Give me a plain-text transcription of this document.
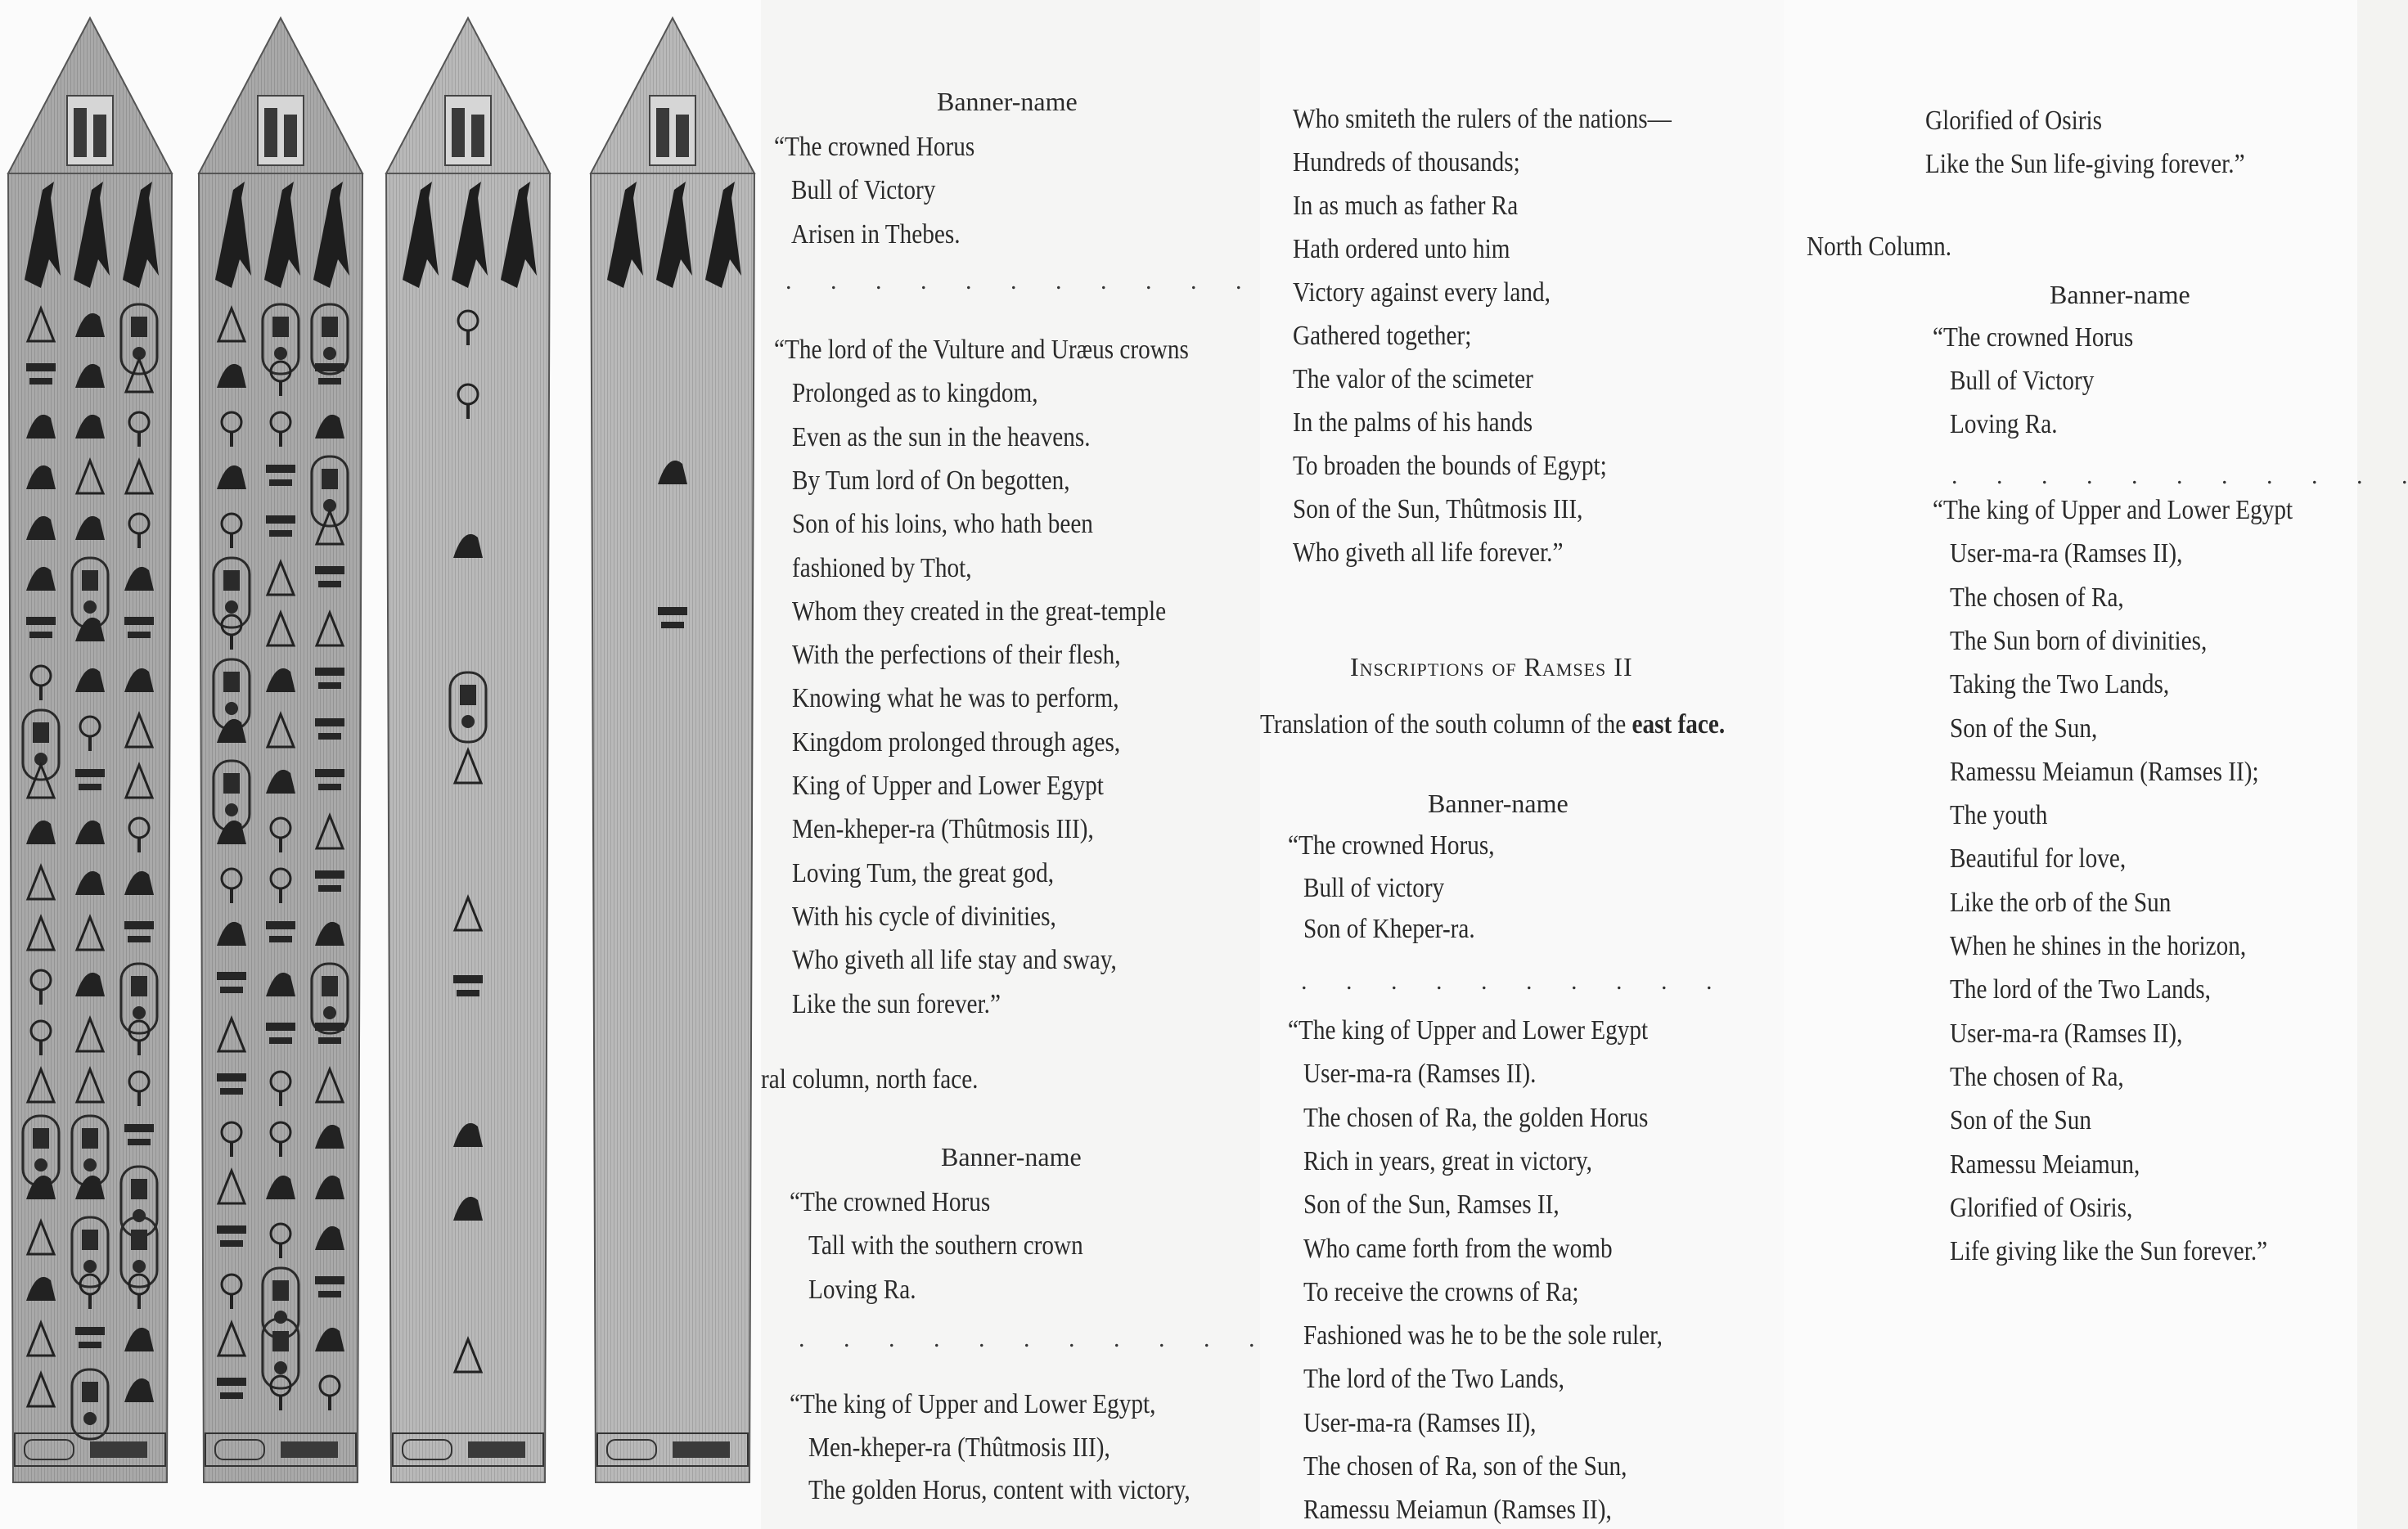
Banner-name
“The crowned Horus
Bull of Victory
Arisen in Thebes.
. . . . . . . . . . .
“The lord of the Vulture and Uræus crowns
Prolonged as to kingdom,
Even as the sun in the heavens.
By Tum lord of On begotten,
Son of his loins, who hath been
fashioned by Thot,
Whom they created in the great-temple
With the perfections of their flesh,
Knowing what he was to perform,
Kingdom prolonged through ages,
King of Upper and Lower Egypt
Men-kheper-ra (Thûtmosis III),
Loving Tum, the great god,
With his cycle of divinities,
Who giveth all life stay and sway,
Like the sun forever.”
ral column, north face.
Banner-name
“The crowned Horus
Tall with the southern crown
Loving Ra.
. . . . . . . . . . .
“The king of Upper and Lower Egypt,
Men-kheper-ra (Thûtmosis III),
The golden Horus, content with victory,
Who smiteth the rulers of the nations—
Hundreds of thousands;
In as much as father Ra
Hath ordered unto him
Victory against every land,
Gathered together;
The valor of the scimeter
In the palms of his hands
To broaden the bounds of Egypt;
Son of the Sun, Thûtmosis III,
Who giveth all life forever.”
Inscriptions of Ramses II
Translation of the south column of the east face.
Banner-name
“The crowned Horus,
Bull of victory
Son of Kheper-ra.
. . . . . . . . . .
“The king of Upper and Lower Egypt
User-ma-ra (Ramses II).
The chosen of Ra, the golden Horus
Rich in years, great in victory,
Son of the Sun, Ramses II,
Who came forth from the womb
To receive the crowns of Ra;
Fashioned was he to be the sole ruler,
The lord of the Two Lands,
User-ma-ra (Ramses II),
The chosen of Ra, son of the Sun,
Ramessu Meiamun (Ramses II),
Glorified of Osiris
Like the Sun life-giving forever.”
North Column.
Banner-name
“The crowned Horus
Bull of Victory
Loving Ra.
. . . . . . . . . . .
“The king of Upper and Lower Egypt
User-ma-ra (Ramses II),
The chosen of Ra,
The Sun born of divinities,
Taking the Two Lands,
Son of the Sun,
Ramessu Meiamun (Ramses II);
The youth
Beautiful for love,
Like the orb of the Sun
When he shines in the horizon,
The lord of the Two Lands,
User-ma-ra (Ramses II),
The chosen of Ra,
Son of the Sun
Ramessu Meiamun,
Glorified of Osiris,
Life giving like the Sun forever.”
